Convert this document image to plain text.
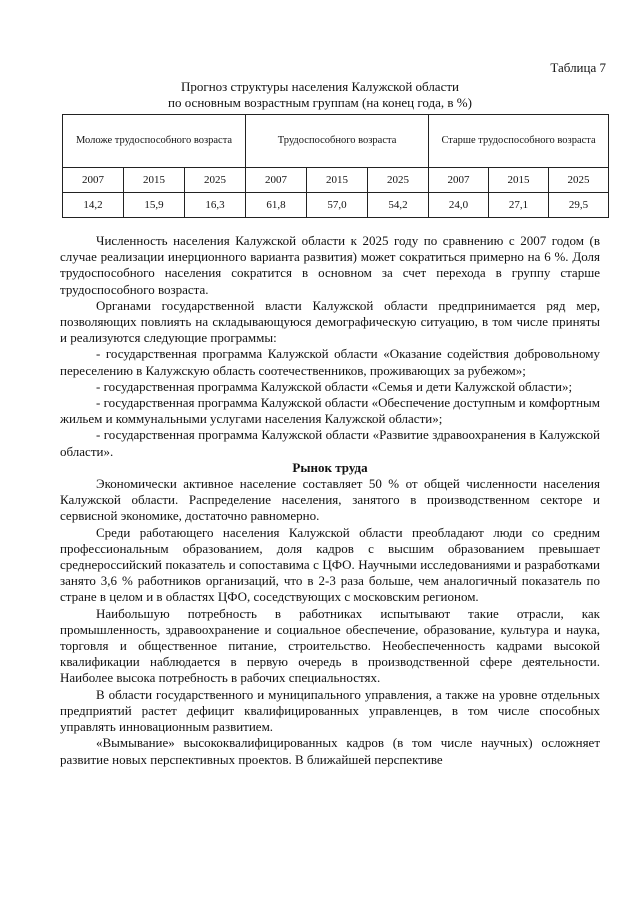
Таблица 7
Прогноз структуры населения Калужской области
по основным возрастным группам (на конец года, в %)
Моложе трудоспособного возраста			Трудоспособного возраста			Старше трудоспособного возраста		
2007	2015	2025	2007	2015	2025	2007	2015	2025
14,2	15,9	16,3	61,8	57,0	54,2	24,0	27,1	29,5

Численность населения Калужской области к 2025 году по сравнению с 2007 годом (в случае реализации инерционного варианта развития) может сократиться примерно на 6 %. Доля трудоспособного населения сократится в основном за счет перехода в группу старше трудоспособного возраста.

Органами государственной власти Калужской области предпринимается ряд мер, позволяющих повлиять на складывающуюся демографическую ситуацию, в том числе приняты и реализуются следующие программы:

- государственная программа Калужской области «Оказание содействия добровольному переселению в Калужскую область соотечественников, проживающих за рубежом»;

- государственная программа Калужской области «Семья и дети Калужской области»;

- государственная программа Калужской области «Обеспечение доступным и комфортным жильем и коммунальными услугами населения Калужской области»;

- государственная программа Калужской области «Развитие здравоохранения в Калужской области».

Рынок труда

Экономически активное население составляет 50 % от общей численности населения Калужской области. Распределение населения, занятого в производственном секторе и сервисной экономике, достаточно равномерно.

Среди работающего населения Калужской области преобладают люди со средним профессиональным образованием, доля кадров с высшим образованием превышает среднероссийский показатель и сопоставима с ЦФО. Научными исследованиями и разработками занято 3,6 % работников организаций, что в 2-3 раза больше, чем аналогичный показатель по стране в целом и в областях ЦФО, соседствующих с московским регионом.

Наибольшую потребность в работниках испытывают такие отрасли, как промышленность, здравоохранение и социальное обеспечение, образование, культура и наука, торговля и общественное питание, строительство. Необеспеченность кадрами высокой квалификации наблюдается в первую очередь в производственной сфере деятельности. Наиболее высока потребность в рабочих специальностях.

В области государственного и муниципального управления, а также на уровне отдельных предприятий растет дефицит квалифицированных управленцев, в том числе способных управлять инновационным развитием.

«Вымывание» высококвалифицированных кадров (в том числе научных) осложняет развитие новых перспективных проектов. В ближайшей перспективе
